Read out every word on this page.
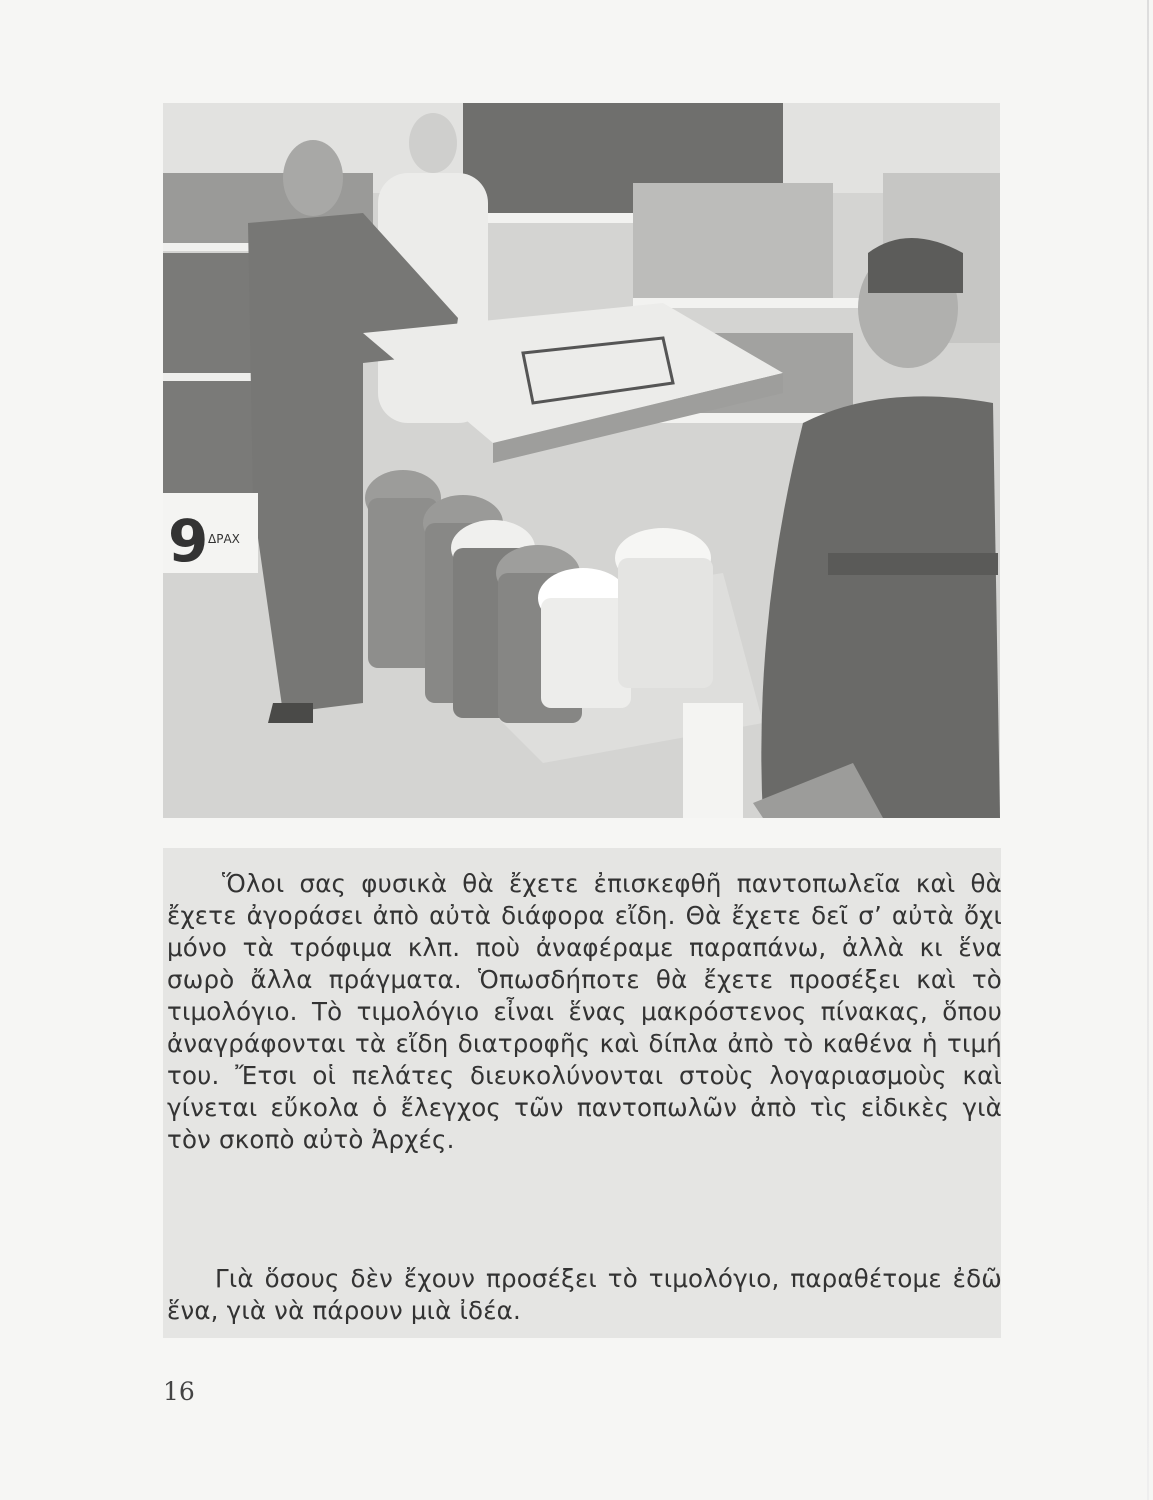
9 ΔΡΑΧ

Ὅλοι σας φυσικὰ θὰ ἔχετε ἐπισκεφθῆ παντοπωλεῖα καὶ θὰ ἔχετε ἀγοράσει ἀπὸ αὐτὰ διάφορα εἴδη. Θὰ ἔχετε δεῖ σ’ αὐτὰ ὄχι μόνο τὰ τρόφιμα κλπ. ποὺ ἀναφέραμε παραπάνω, ἀλλὰ κι ἕνα σωρὸ ἄλλα πράγματα. Ὁπωσδήποτε θὰ ἔχετε προσέξει καὶ τὸ τιμολόγιο. Τὸ τιμολόγιο εἶναι ἕνας μακρόστενος πίνακας, ὅπου ἀναγράφονται τὰ εἴδη διατροφῆς καὶ δίπλα ἀπὸ τὸ καθένα ἡ τιμή του. Ἔτσι οἱ πελάτες διευκολύνονται στοὺς λογαριασμοὺς καὶ γίνεται εὔκολα ὁ ἔλεγχος τῶν παντοπωλῶν ἀπὸ τὶς εἰδικὲς γιὰ τὸν σκοπὸ αὐτὸ Ἀρχές.

Γιὰ ὅσους δὲν ἔχουν προσέξει τὸ τιμολόγιο, παραθέτομε ἐδῶ ἕνα, γιὰ νὰ πάρουν μιὰ ἰδέα.

16
